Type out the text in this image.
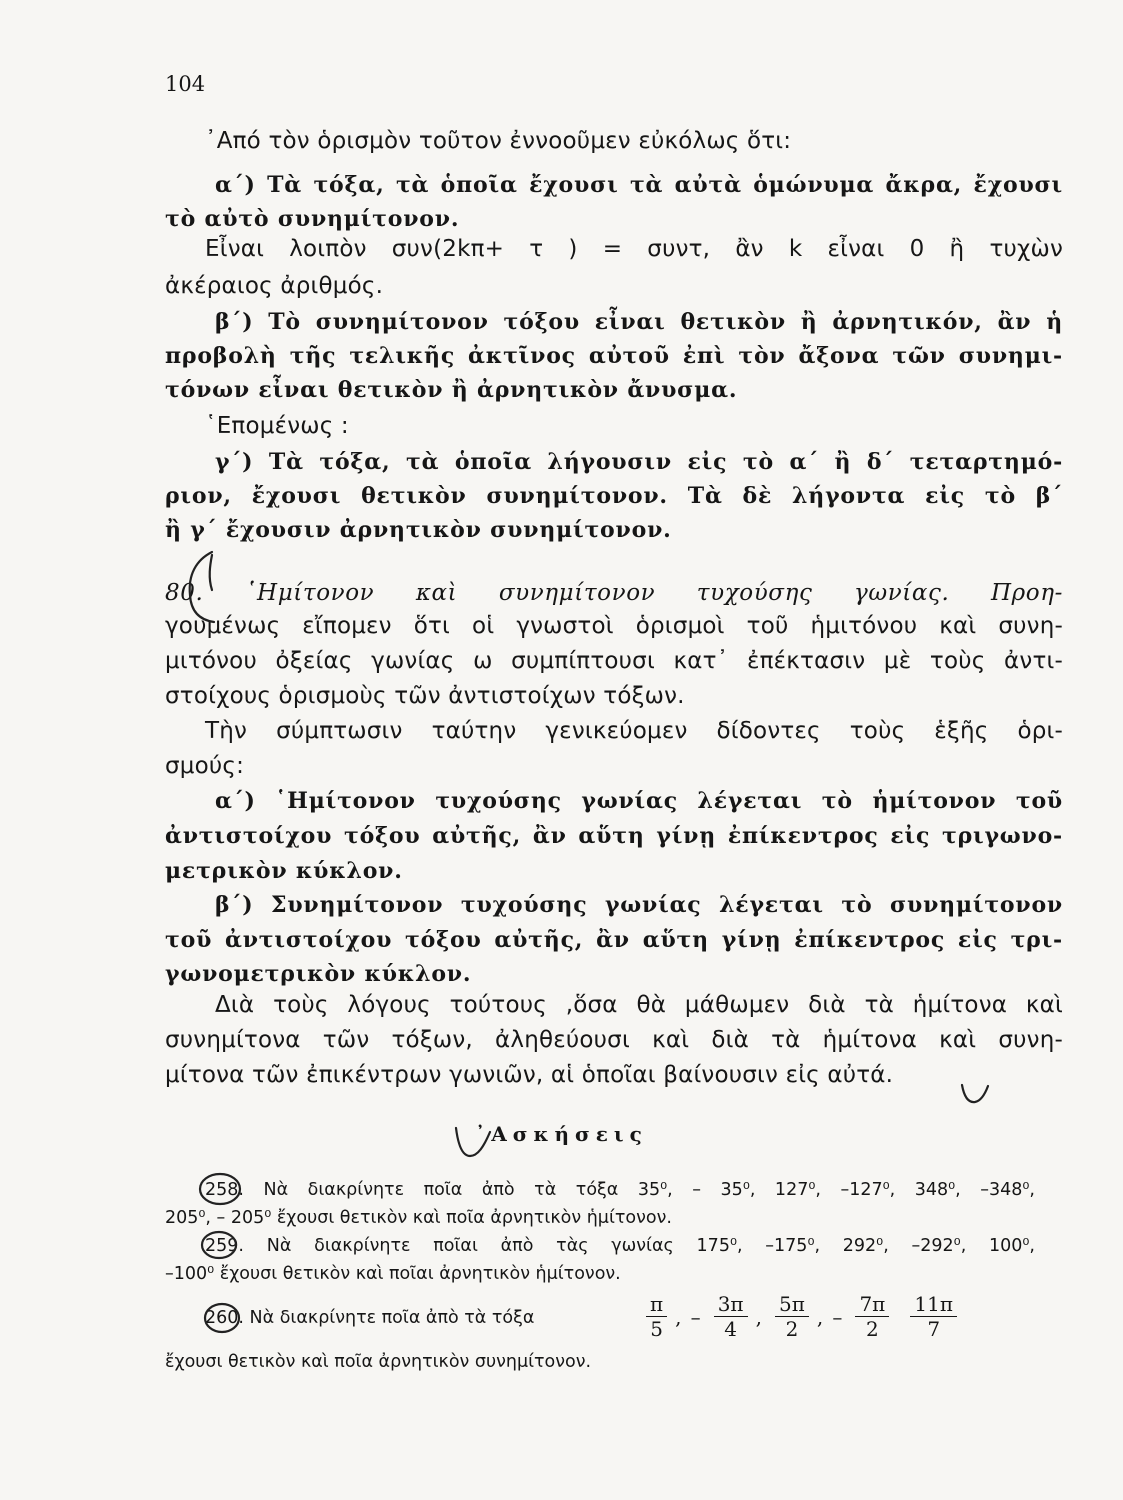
104
᾿Από τὸν ὁρισμὸν τοῦτον ἐννοοῦμεν εὐκόλως ὅτι:
α΄) Τὰ τόξα, τὰ ὁποῖα ἔχουσι τὰ αὐτὰ ὁμώνυμα ἄκρα, ἔχουσι
τὸ αὐτὸ συνημίτονον.
Εἶναι λοιπὸν συν(2kπ+ τ ) = συντ, ἂν k εἶναι 0 ἢ τυχὼν
ἀκέραιος ἀριθμός.
β΄) Τὸ συνημίτονον τόξου εἶναι θετικὸν ἢ ἀρνητικόν, ἂν ἡ
προβολὴ τῆς τελικῆς ἀκτῖνος αὐτοῦ ἐπὶ τὸν ἄξονα τῶν συνημι-
τόνων εἶναι θετικὸν ἢ ἀρνητικὸν ἄνυσμα.
῾Επομένως :
γ΄) Τὰ τόξα, τὰ ὁποῖα λήγουσιν εἰς τὸ α΄ ἢ δ΄ τεταρτημό-
ριον, ἔχουσι θετικὸν συνημίτονον. Τὰ δὲ λήγοντα εἰς τὸ β΄
ἢ γ΄ ἔχουσιν ἀρνητικὸν συνημίτονον.
80. ῾Ημίτονον καὶ συνημίτονον τυχούσης γωνίας. Προη-
γουμένως εἴπομεν ὅτι οἱ γνωστοὶ ὁρισμοὶ τοῦ ἡμιτόνου καὶ συνη-
μιτόνου ὀξείας γωνίας ω συμπίπτουσι κατ᾿ ἐπέκτασιν μὲ τοὺς ἀντι-
στοίχους ὁρισμοὺς τῶν ἀντιστοίχων τόξων.
Τὴν σύμπτωσιν ταύτην γενικεύομεν δίδοντες τοὺς ἑξῆς ὁρι-
σμούς:
α΄) ῾Ημίτονον τυχούσης γωνίας λέγεται τὸ ἡμίτονον τοῦ
ἀντιστοίχου τόξου αὐτῆς, ἂν αὕτη γίνῃ ἐπίκεντρος εἰς τριγωνο-
μετρικὸν κύκλον.
β΄) Συνημίτονον τυχούσης γωνίας λέγεται τὸ συνημίτονον
τοῦ ἀντιστοίχου τόξου αὐτῆς, ἂν αὕτη γίνῃ ἐπίκεντρος εἰς τρι-
γωνομετρικὸν κύκλον.
Διὰ τοὺς λόγους τούτους ,ὅσα θὰ μάθωμεν διὰ τὰ ἡμίτονα καὶ
συνημίτονα τῶν τόξων, ἀληθεύουσι καὶ διὰ τὰ ἡμίτονα καὶ συνη-
μίτονα τῶν ἐπικέντρων γωνιῶν, αἱ ὁποῖαι βαίνουσιν εἰς αὐτά.
᾿Ασκήσεις
258. Νὰ διακρίνητε ποῖα ἀπὸ τὰ τόξα 35⁰, – 35⁰, 127⁰, –127⁰, 348⁰, –348⁰,
205⁰, – 205⁰ ἔχουσι θετικὸν καὶ ποῖα ἀρνητικὸν ἡμίτονον.
259. Νὰ διακρίνητε ποῖαι ἀπὸ τὰς γωνίας 175⁰, –175⁰, 292⁰, –292⁰, 100⁰,
–100⁰ ἔχουσι θετικὸν καὶ ποῖαι ἀρνητικὸν ἡμίτονον.
260. Νὰ διακρίνητε ποῖα ἀπὸ τὰ τόξα	$\frac{\pi}{5}$ , – $\frac{3\pi}{4}$ , $\frac{5\pi}{2}$ , – $\frac{7\pi}{2}$
$\frac{11\pi}{7}$
ἔχουσι θετικὸν καὶ ποῖα ἀρνητικὸν συνημίτονον.
